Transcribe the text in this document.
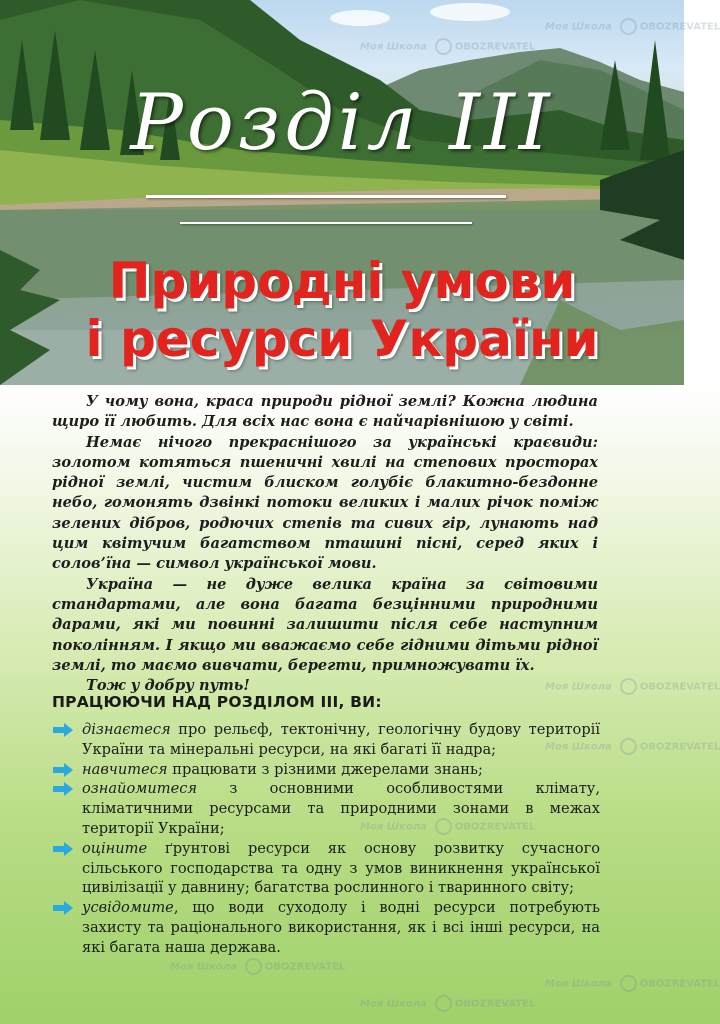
Розділ III
Природні умови
і ресурси України
Моя Школа	OBOZREVATEL
Моя Школа	OBOZREVATEL
Моя Школа	OBOZREVATEL
Моя Школа	OBOZREVATEL
Моя Школа	OBOZREVATEL
Моя Школа	OBOZREVATEL
Моя Школа	OBOZREVATEL
Моя Школа	OBOZREVATEL

У чому вона, краса природи рідної землі? Кожна людина щиро її любить. Для всіх нас вона є найчарівнішою у світі.

Немає нічого прекраснішого за українські краєвиди: золотом котяться пшеничні хвилі на степових просторах рідної землі, чистим блиском голубіє блакитно-бездонне небо, гомонять дзвінкі потоки великих і малих річок поміж зелених дібров, родючих степів та сивих гір, лунають над цим квітучим багатством пташині пісні, серед яких і солов’їна — символ української мови.

Україна — не дуже велика країна за світовими стандартами, але вона багата безцінними природними дарами, які ми повинні залишити після себе наступним поколінням. І якщо ми вважаємо себе гідними дітьми рідної землі, то маємо вивчати, берегти, примножувати їх.

Тож у добру путь!

ПРАЦЮЮЧИ НАД РОЗДІЛОМ III, ВИ:
дізнаєтеся про рельєф, тектонічну, геологічну будову території України та мінеральні ресурси, на які багаті її надра;
навчитеся працювати з різними джерелами знань;
ознайомитеся з основними особливостями клімату, кліматичними ресурсами та природними зонами в межах території України;
оціните ґрунтові ресурси як основу розвитку сучасного сільського господарства та одну з умов виникнення української цивілізації у давнину; багатства рослинного і тваринного світу;
усвідомите, що води суходолу і водні ресурси потребують захисту та раціонального використання, як і всі інші ресурси, на які багата наша держава.
